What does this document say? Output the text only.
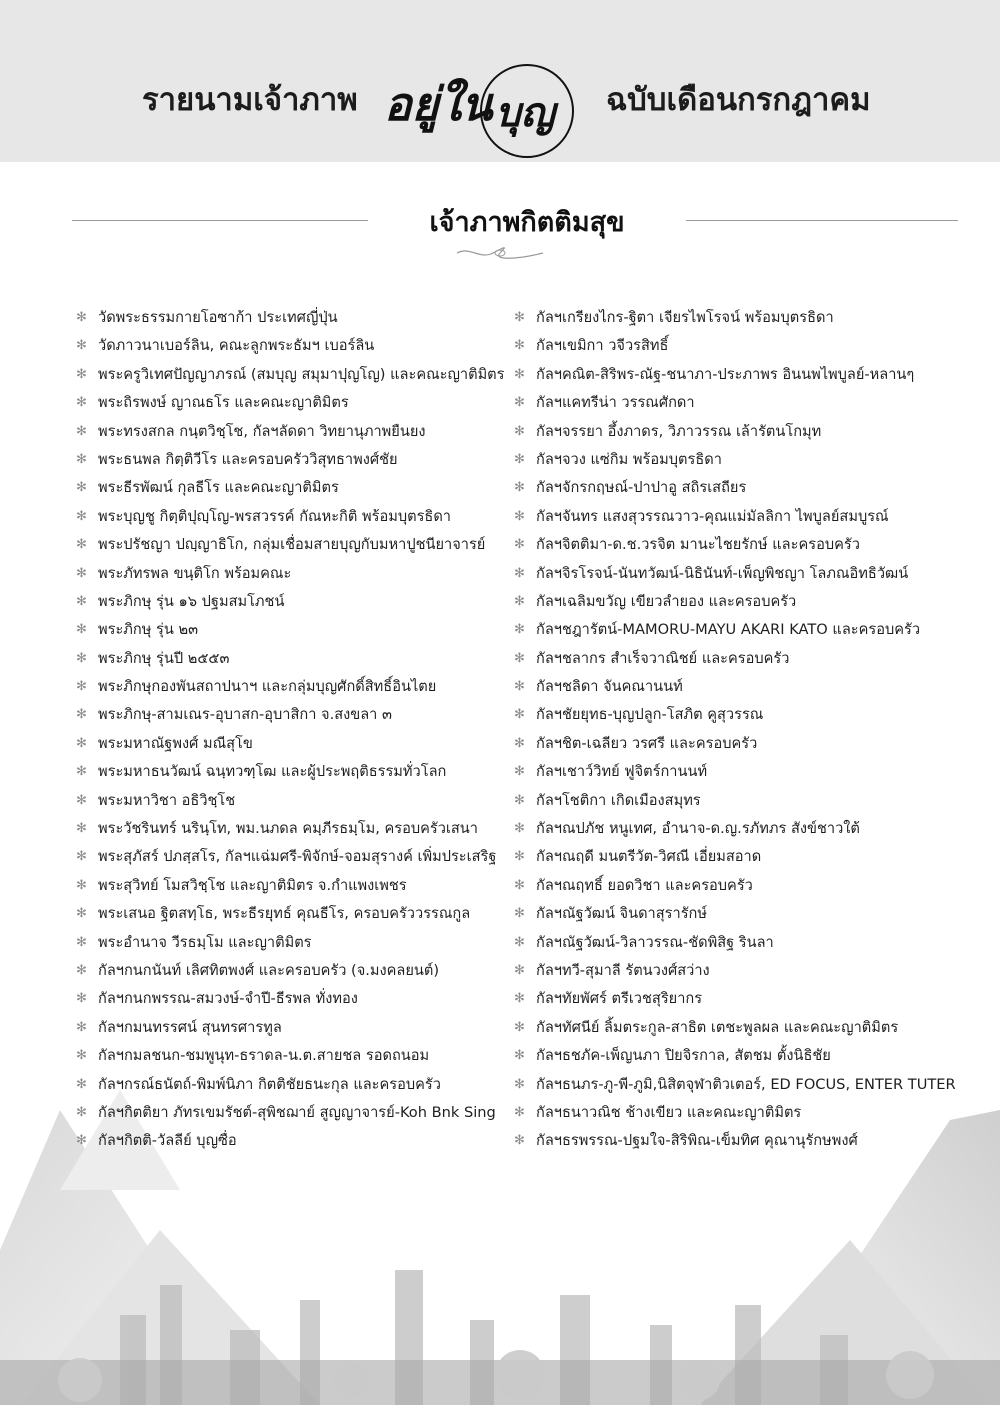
รายนามเจ้าภาพ อยู่ใน บุญ	ฉบับเดือนกรกฎาคม
เจ้าภาพกิตติมสุข
✻ วัดพระธรรมกายโอซาก้า ประเทศญี่ปุ่น
✻ วัดภาวนาเบอร์ลิน, คณะลูกพระธัมฯ เบอร์ลิน
✻ พระครูวิเทศปัญญาภรณ์ (สมบุญ สมุมาปุญโญ) และคณะญาติมิตร
✻ พระถิรพงษ์ ญาณธโร และคณะญาติมิตร
✻ พระทรงสกล กนฺตวิชฺโช, กัลฯลัดดา วิทยานุภาพยืนยง
✻ พระธนพล กิตฺติวีโร และครอบครัววิสุทธาพงศ์ชัย
✻ พระธีรพัฒน์ กุลธีโร และคณะญาติมิตร
✻ พระบุญชู กิตฺติปุญฺโญ-พรสวรรค์ กัณหะกิติ พร้อมบุตรธิดา
✻ พระปรัชญา ปญฺญาธิโก, กลุ่มเชื่อมสายบุญกับมหาปูชนียาจารย์
✻ พระภัทรพล ขนฺติโก พร้อมคณะ
✻ พระภิกษุ รุ่น ๑๖ ปฐมสมโภชน์
✻ พระภิกษุ รุ่น ๒๓
✻ พระภิกษุ รุ่นปี ๒๕๕๓
✻ พระภิกษุกองพันสถาปนาฯ และกลุ่มบุญศักดิ์สิทธิ์อินไตย
✻ พระภิกษุ-สามเณร-อุบาสก-อุบาสิกา จ.สงขลา ๓
✻ พระมหาณัฐพงศ์ มณีสุโข
✻ พระมหาธนวัฒน์ ฉนฺทวฑฺโฒ และผู้ประพฤติธรรมทั่วโลก
✻ พระมหาวิชา อธิวิชฺโช
✻ พระวัชรินทร์ นรินฺโท, พม.นภดล คมฺภีรธมฺโม, ครอบครัวเสนา
✻ พระสุภัสร์ ปภสฺสโร, กัลฯแฉ่มศรี-พิจักษ์-จอมสุรางค์ เพิ่มประเสริฐ
✻ พระสุวิทย์ โมสวิชฺโช และญาติมิตร จ.กำแพงเพชร
✻ พระเสนอ ฐิตสทฺโธ, พระธีรยุทธ์ คุณธีโร, ครอบครัววรรณกูล
✻ พระอำนาจ วีรธมฺโม และญาติมิตร
✻ กัลฯกนกนันท์ เลิศทิตพงศ์ และครอบครัว (จ.มงคลยนต์)
✻ กัลฯกนกพรรณ-สมวงษ์-จำปี-ธีรพล ทั่งทอง
✻ กัลฯกมนทรรศน์ สุนทรศารทูล
✻ กัลฯกมลชนก-ชมพูนุท-ธราดล-น.ต.สายชล รอดถนอม
✻ กัลฯกรณ์ธนัตถ์-พิมพ์นิภา กิตติชัยธนะกุล และครอบครัว
✻ กัลฯกิตติยา ภัทรเขมรัชต์-สุพิชฌาย์ สูญญาจารย์-Koh Bnk Sing
✻ กัลฯกิตติ-วัลลีย์ บุญซื่อ
✻ กัลฯเกรียงไกร-ฐิตา เจียรไพโรจน์ พร้อมบุตรธิดา
✻ กัลฯเขมิกา วจีวรสิทธิ์
✻ กัลฯคณิต-สิริพร-ณัฐ-ชนาภา-ประภาพร อินนพไพบูลย์-หลานๆ
✻ กัลฯแคทรีน่า วรรณศักดา
✻ กัลฯจรรยา อึ้งภาดร, วิภาวรรณ เล้ารัตนโกมุท
✻ กัลฯจวง แซ่กิม พร้อมบุตรธิดา
✻ กัลฯจักรกฤษณ์-ปาปาอู สถิรเสถียร
✻ กัลฯจันทร แสงสุวรรณวาว-คุณแม่มัลลิกา ไพบูลย์สมบูรณ์
✻ กัลฯจิตติมา-ด.ช.วรจิต มานะไชยรักษ์ และครอบครัว
✻ กัลฯจิรโรจน์-นันทวัฒน์-นิธินันท์-เพ็ญพิชญา โลภณอิทธิวัฒน์
✻ กัลฯเฉลิมขวัญ เขียวลำยอง และครอบครัว
✻ กัลฯชฎารัตน์-MAMORU-MAYU AKARI KATO และครอบครัว
✻ กัลฯชลากร สำเร็จวาณิชย์ และครอบครัว
✻ กัลฯชลิดา จันคณานนท์
✻ กัลฯชัยยุทธ-บุญปลูก-โสภิต คูสุวรรณ
✻ กัลฯชิต-เฉลียว วรศรี และครอบครัว
✻ กัลฯเชาว์วิทย์ ฟูจิตร์กานนท์
✻ กัลฯโชติกา เกิดเมืองสมุทร
✻ กัลฯณปภัช หนูเทศ, อำนาจ-ด.ญ.รภัทภร สังข์ชาวใต้
✻ กัลฯณฤดี มนตรีวัต-วิศณี เอี่ยมสอาด
✻ กัลฯณฤทธิ์ ยอดวิชา และครอบครัว
✻ กัลฯณัฐวัฒน์ จินดาสุรารักษ์
✻ กัลฯณัฐวัฒน์-วิลาวรรณ-ชัดพิสิฐ รินลา
✻ กัลฯทวี-สุมาลี รัตนวงศ์สว่าง
✻ กัลฯทัยพัศร์ ตรีเวชสุริยากร
✻ กัลฯทัศนีย์ ลิ้มตระกูล-สาธิต เตชะพูลผล และคณะญาติมิตร
✻ กัลฯธชภัค-เพ็ญนภา ปิยจิรกาล, สัตชม ตั้งนิธิชัย
✻ กัลฯธนภร-ภู-พี-ภูมิ,นิสิตจุฬาติวเตอร์, ED FOCUS, ENTER TUTER
✻ กัลฯธนาวณิช ช้างเขียว และคณะญาติมิตร
✻ กัลฯธรพรรณ-ปฐมใจ-สิริพิณ-เข็มทิศ คุณานุรักษพงศ์
